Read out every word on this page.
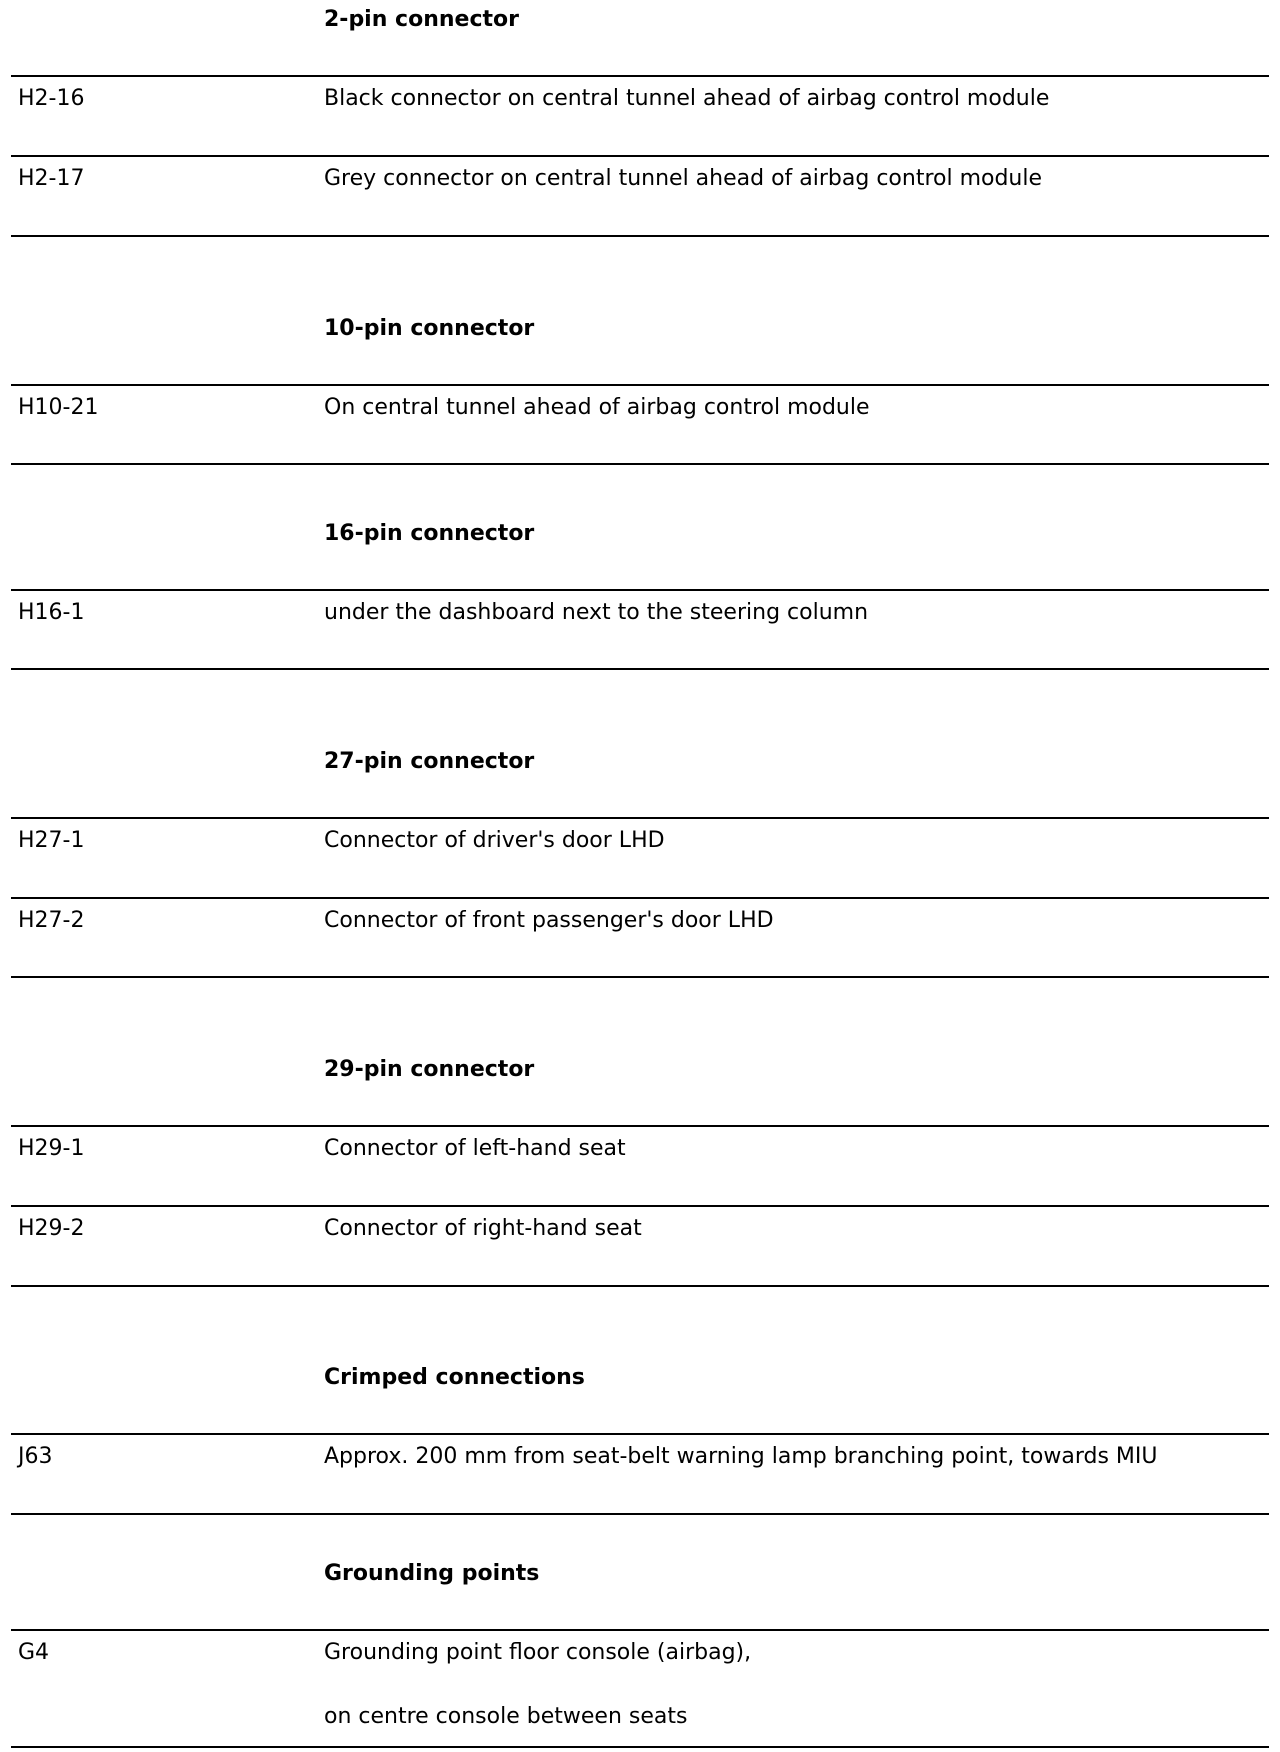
2-pin connector
H2-16	Black connector on central tunnel ahead of airbag control module
H2-17	Grey connector on central tunnel ahead of airbag control module
10-pin connector
H10-21	On central tunnel ahead of airbag control module
16-pin connector
H16-1	under the dashboard next to the steering column
27-pin connector
H27-1	Connector of driver's door LHD
H27-2	Connector of front passenger's door LHD
29-pin connector
H29-1	Connector of left-hand seat
H29-2	Connector of right-hand seat
Crimped connections
J63	Approx. 200 mm from seat-belt warning lamp branching point, towards MIU
Grounding points
G4	Grounding point floor console (airbag),
on centre console between seats
